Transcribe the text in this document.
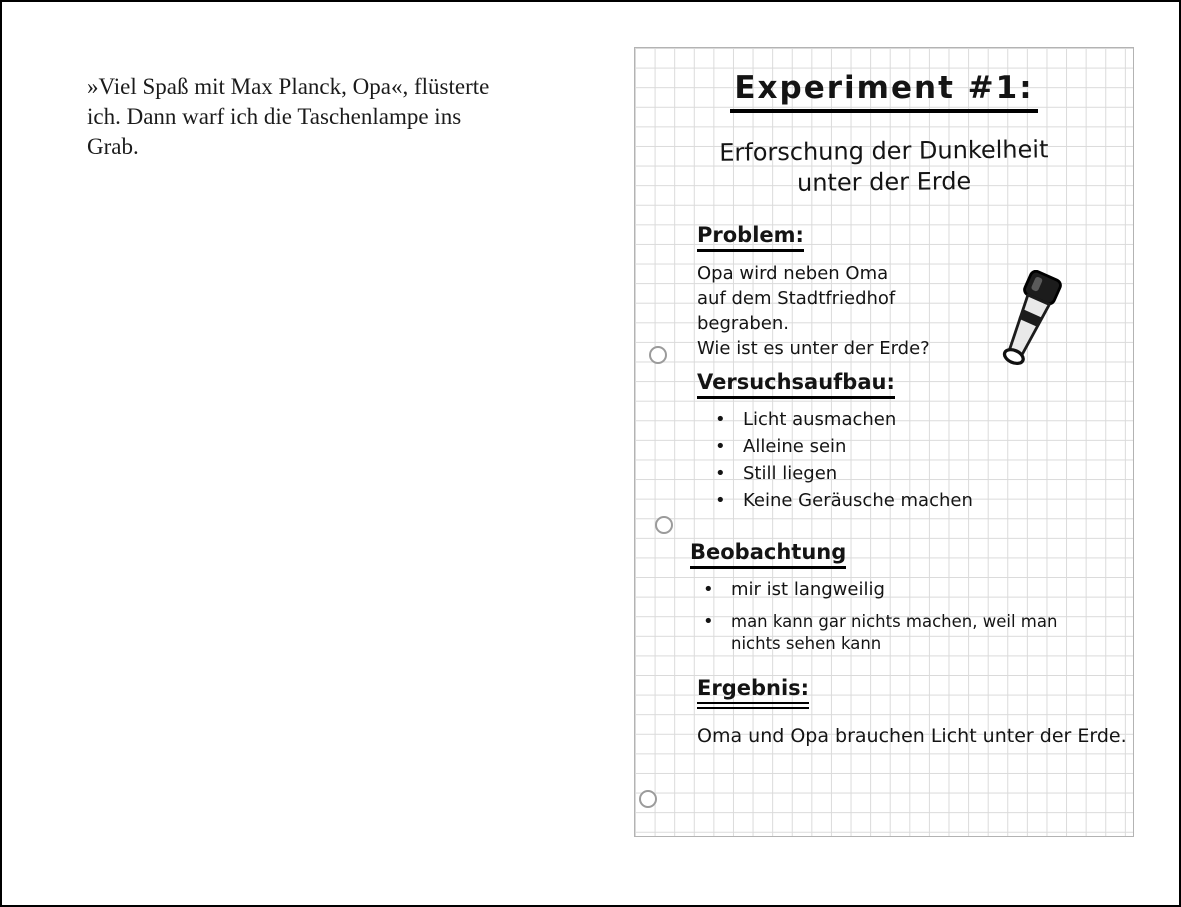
»Viel Spaß mit Max Planck, Opa«, flüsterte
ich. Dann warf ich die Taschenlampe ins
Grab.
Experiment #1:
Erforschung der Dunkelheit
unter der Erde
Problem:
Opa wird neben Oma
auf dem Stadtfriedhof
begraben.
Wie ist es unter der Erde?
Versuchsaufbau:
• Licht ausmachen
• Alleine sein
• Still liegen
• Keine Geräusche machen
Beobachtung
• mir ist langweilig
• man kann gar nichts machen, weil man nichts sehen kann
Ergebnis:
Oma und Opa brauchen Licht unter der Erde.
